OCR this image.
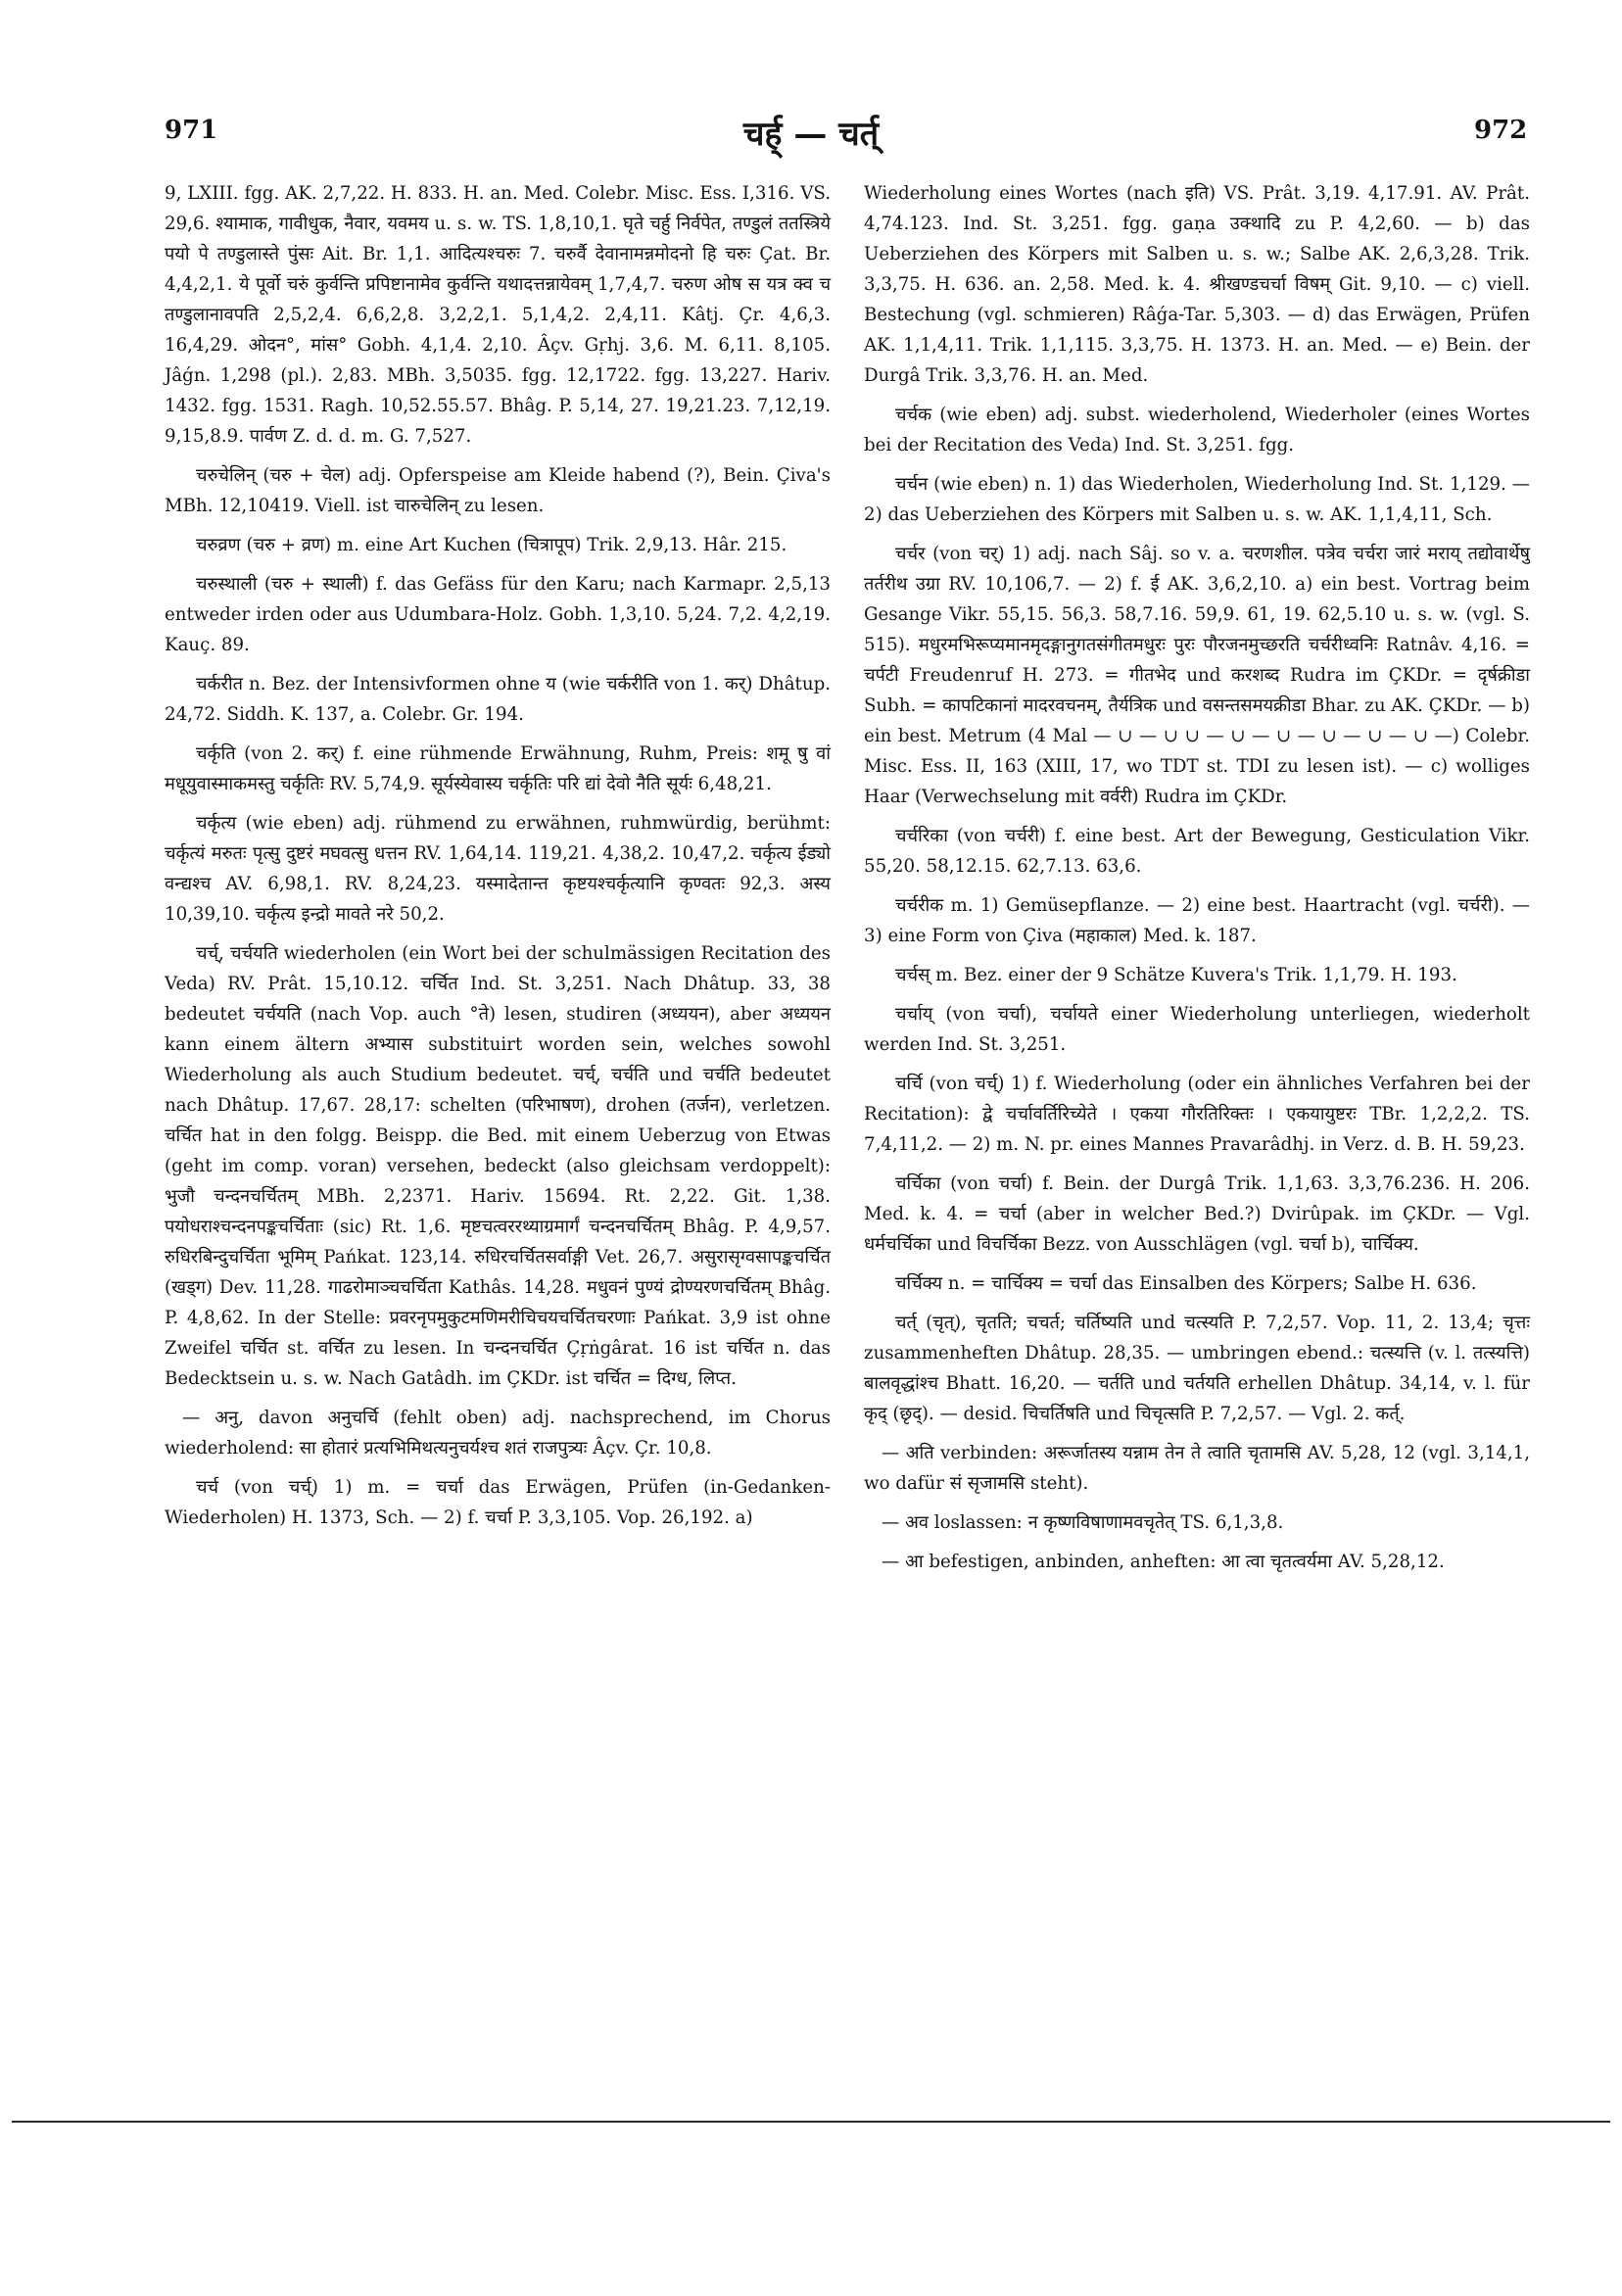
971	चर्ह् — चर्त्	972

9, LXIII. fgg. AK. 2,7,22. H. 833. H. an. Med. Colebr. Misc. Ess. I,316. VS. 29,6. श्यामाक, गावीधुक, नैवार, यवमय u. s. w. TS. 1,8,10,1. घृते चर्हु निर्वपेत, तण्डुलं ततस्त्रिये पयो पे तण्डुलास्ते पुंसः Ait. Br. 1,1. आदित्यश्चरुः 7. चरुर्वै देवानामन्नमोदनो हि चरुः Çat. Br. 4,4,2,1. ये पूर्वो चरुं कुर्वन्ति प्रपिष्टानामेव कुर्वन्ति यथादत्तन्नायेवम् 1,7,4,7. चरुण ओष स यत्र क्व च तण्डुलानावपति 2,5,2,4. 6,6,2,8. 3,2,2,1. 5,1,4,2. 2,4,11. Kâtj. Çr. 4,6,3. 16,4,29. ओदन°, मांस° Gobh. 4,1,4. 2,10. Âçv. Gṛhj. 3,6. M. 6,11. 8,105. Jâǵn. 1,298 (pl.). 2,83. MBh. 3,5035. fgg. 12,1722. fgg. 13,227. Hariv. 1432. fgg. 1531. Ragh. 10,52.55.57. Bhâg. P. 5,14, 27. 19,21.23. 7,12,19. 9,15,8.9. पार्वण Z. d. d. m. G. 7,527.

चरुचेलिन् (चरु + चेल) adj. Opferspeise am Kleide habend (?), Bein. Çiva's MBh. 12,10419. Viell. ist चारुचेलिन् zu lesen.

चरुव्रण (चरु + व्रण) m. eine Art Kuchen (चित्रापूप) Trik. 2,9,13. Hâr. 215.

चरुस्थाली (चरु + स्थाली) f. das Gefäss für den Karu; nach Karmapr. 2,5,13 entweder irden oder aus Udumbara-Holz. Gobh. 1,3,10. 5,24. 7,2. 4,2,19. Kauç. 89.

चर्करीत n. Bez. der Intensivformen ohne य (wie चर्करीति von 1. कर्) Dhâtup. 24,72. Siddh. K. 137, a. Colebr. Gr. 194.

चर्कृति (von 2. कर्) f. eine rühmende Erwähnung, Ruhm, Preis: शमू षु वां मधूयुवास्माकमस्तु चर्कृतिः RV. 5,74,9. सूर्यस्येवास्य चर्कृतिः परि द्यां देवो नैति सूर्यः 6,48,21.

चर्कृत्य (wie eben) adj. rühmend zu erwähnen, ruhmwürdig, berühmt: चर्कृत्यं मरुतः पृत्सु दुष्टरं मघवत्सु धत्तन RV. 1,64,14. 119,21. 4,38,2. 10,47,2. चर्कृत्य ईड्यो वन्द्यश्च AV. 6,98,1. RV. 8,24,23. यस्मादेतान्त कृष्टयश्चर्कृत्यानि कृण्वतः 92,3. अस्य 10,39,10. चर्कृत्य इन्द्रो मावते नरे 50,2.

चर्च्, चर्चयति wiederholen (ein Wort bei der schulmässigen Recitation des Veda) RV. Prât. 15,10.12. चर्चित Ind. St. 3,251. Nach Dhâtup. 33, 38 bedeutet चर्चयति (nach Vop. auch °ते) lesen, studiren (अध्ययन), aber अध्ययन kann einem ältern अभ्यास substituirt worden sein, welches sowohl Wiederholung als auch Studium bedeutet. चर्च्, चर्चति und चर्चति bedeutet nach Dhâtup. 17,67. 28,17: schelten (परिभाषण), drohen (तर्जन), verletzen. चर्चित hat in den folgg. Beispp. die Bed. mit einem Ueberzug von Etwas (geht im comp. voran) versehen, bedeckt (also gleichsam verdoppelt): भुजौ चन्दनचर्चितम् MBh. 2,2371. Hariv. 15694. Rt. 2,22. Git. 1,38. पयोधराश्चन्दनपङ्कचर्चिताः (sic) Rt. 1,6. मृष्टचत्वररथ्याग्रमार्गं चन्दनचर्चितम् Bhâg. P. 4,9,57. रुधिरबिन्दुचर्चिता भूमिम् Pańkat. 123,14. रुधिरचर्चितसर्वाङ्गी Vet. 26,7. असुरासृग्वसापङ्कचर्चित (खड्ग) Dev. 11,28. गाढरोमाञ्चचर्चिता Kathâs. 14,28. मधुवनं पुण्यं द्रोण्यरणचर्चितम् Bhâg. P. 4,8,62. In der Stelle: प्रवरनृपमुकुटमणिमरीचिचयचर्चितचरणाः Pańkat. 3,9 ist ohne Zweifel चर्चित st. वर्चित zu lesen. In चन्दनचर्चित Çṛṅgârat. 16 ist चर्चित n. das Bedecktsein u. s. w. Nach Gatâdh. im ÇKDr. ist चर्चित = दिग्ध, लिप्त.

— अनु, davon अनुचर्चि (fehlt oben) adj. nachsprechend, im Chorus wiederholend: सा होतारं प्रत्यभिमिथत्यनुचर्यश्च शतं राजपुत्र्यः Âçv. Çr. 10,8.

चर्च (von चर्च्) 1) m. = चर्चा das Erwägen, Prüfen (in-Gedanken-Wiederholen) H. 1373, Sch. — 2) f. चर्चा P. 3,3,105. Vop. 26,192. a)

Wiederholung eines Wortes (nach इति) VS. Prât. 3,19. 4,17.91. AV. Prât. 4,74.123. Ind. St. 3,251. fgg. gaṇa उक्थादि zu P. 4,2,60. — b) das Ueberziehen des Körpers mit Salben u. s. w.; Salbe AK. 2,6,3,28. Trik. 3,3,75. H. 636. an. 2,58. Med. k. 4. श्रीखण्डचर्चा विषम् Git. 9,10. — c) viell. Bestechung (vgl. schmieren) Râǵa-Tar. 5,303. — d) das Erwägen, Prüfen AK. 1,1,4,11. Trik. 1,1,115. 3,3,75. H. 1373. H. an. Med. — e) Bein. der Durgâ Trik. 3,3,76. H. an. Med.

चर्चक (wie eben) adj. subst. wiederholend, Wiederholer (eines Wortes bei der Recitation des Veda) Ind. St. 3,251. fgg.

चर्चन (wie eben) n. 1) das Wiederholen, Wiederholung Ind. St. 1,129. — 2) das Ueberziehen des Körpers mit Salben u. s. w. AK. 1,1,4,11, Sch.

चर्चर (von चर्) 1) adj. nach Sâj. so v. a. चरणशील. पत्रेव चर्चरा जारं मराय् तद्योवार्थेषु तर्तरीथ उग्रा RV. 10,106,7. — 2) f. ई AK. 3,6,2,10. a) ein best. Vortrag beim Gesange Vikr. 55,15. 56,3. 58,7.16. 59,9. 61, 19. 62,5.10 u. s. w. (vgl. S. 515). मधुरमभिरूप्यमानमृदङ्गानुगतसंगीतमधुरः पुरः पौरजनमुच्छरति चर्चरीध्वनिः Ratnâv. 4,16. = चर्पटी Freudenruf H. 273. = गीतभेद und करशब्द Rudra im ÇKDr. = दृर्षक्रीडा Subh. = कापटिकानां मादरवचनम्, तैर्यत्रिक und वसन्तसमयक्रीडा Bhar. zu AK. ÇKDr. — b) ein best. Metrum (4 Mal — ∪ — ∪ ∪ — ∪ — ∪ — ∪ — ∪ — ∪ —) Colebr. Misc. Ess. II, 163 (XIII, 17, wo TDT st. TDI zu lesen ist). — c) wolliges Haar (Verwechselung mit वर्वरी) Rudra im ÇKDr.

चर्चरिका (von चर्चरी) f. eine best. Art der Bewegung, Gesticulation Vikr. 55,20. 58,12.15. 62,7.13. 63,6.

चर्चरीक m. 1) Gemüsepflanze. — 2) eine best. Haartracht (vgl. चर्चरी). — 3) eine Form von Çiva (महाकाल) Med. k. 187.

चर्चस् m. Bez. einer der 9 Schätze Kuvera's Trik. 1,1,79. H. 193.

चर्चाय् (von चर्चा), चर्चायते einer Wiederholung unterliegen, wiederholt werden Ind. St. 3,251.

चर्चि (von चर्च्) 1) f. Wiederholung (oder ein ähnliches Verfahren bei der Recitation): द्वे चर्चावर्तिरिच्येते । एकया गौरतिरिक्तः । एकयायुष्टरः TBr. 1,2,2,2. TS. 7,4,11,2. — 2) m. N. pr. eines Mannes Pravarâdhj. in Verz. d. B. H. 59,23.

चर्चिका (von चर्चा) f. Bein. der Durgâ Trik. 1,1,63. 3,3,76.236. H. 206. Med. k. 4. = चर्चा (aber in welcher Bed.?) Dvirûpak. im ÇKDr. — Vgl. धर्मचर्चिका und विचर्चिका Bezz. von Ausschlägen (vgl. चर्चा b), चार्चिक्य.

चर्चिक्य n. = चार्चिक्य = चर्चा das Einsalben des Körpers; Salbe H. 636.

चर्त् (चृत्), चृतति; चचर्त; चर्तिष्यति und चत्स्यति P. 7,2,57. Vop. 11, 2. 13,4; चृत्तः zusammenheften Dhâtup. 28,35. — umbringen ebend.: चत्स्यत्ति (v. l. तत्स्यत्ति) बालवृद्धांश्च Bhatt. 16,20. — चर्तति und चर्तयति erhellen Dhâtup. 34,14, v. l. für कृद् (छृद्). — desid. चिचर्तिषति und चिचृत्सति P. 7,2,57. — Vgl. 2. कर्त्.

— अति verbinden: अरूर्जातस्य यन्नाम तेन ते त्वाति चृतामसि AV. 5,28, 12 (vgl. 3,14,1, wo dafür सं सृजामसि steht).

— अव loslassen: न कृष्णविषाणामवचृतेत् TS. 6,1,3,8.

— आ befestigen, anbinden, anheften: आ त्वा चृतत्वर्यमा AV. 5,28,12.
